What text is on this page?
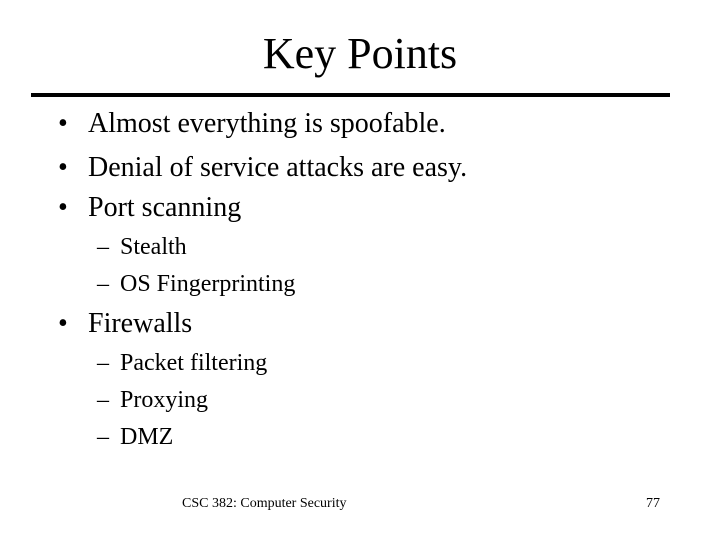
Key Points
• Almost everything is spoofable.
• Denial of service attacks are easy.
• Port scanning
– Stealth
– OS Fingerprinting
• Firewalls
– Packet filtering
– Proxying
– DMZ
CSC 382: Computer Security	77
